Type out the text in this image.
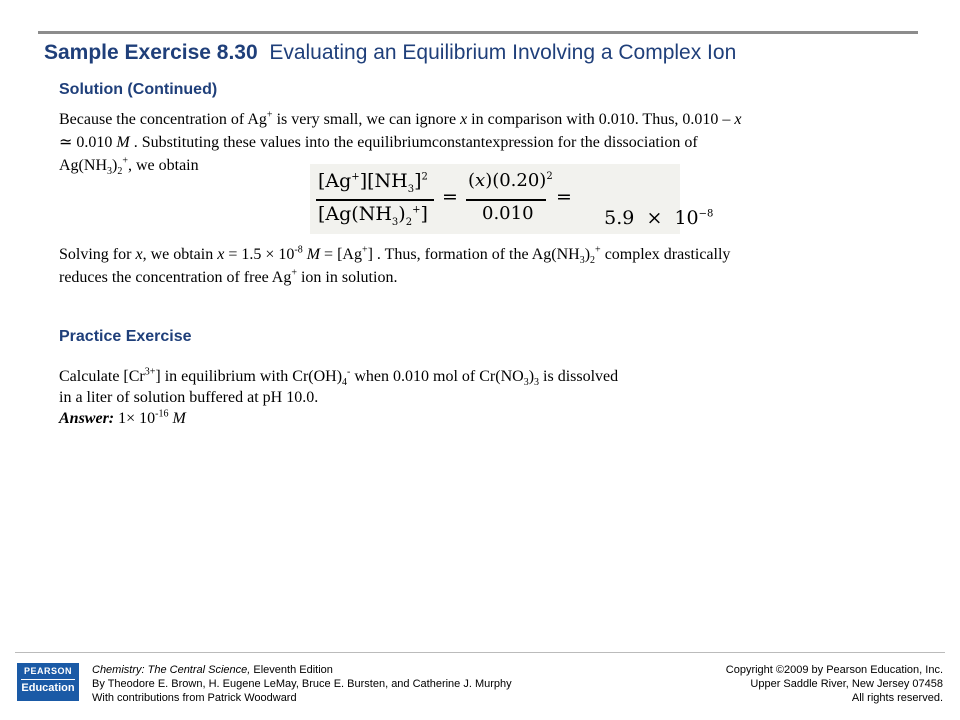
Sample Exercise 8.30 Evaluating an Equilibrium Involving a Complex Ion
Solution (Continued)
Because the concentration of Ag+ is very small, we can ignore x in comparison with 0.010. Thus, 0.010 – x
≃ 0.010 M . Substituting these values into the equilibriumconstantexpression for the dissociation of
$Ag(NH_3)_2^+$, we obtain
$[Ag^+][NH_3]^2$
$[Ag(NH_3)_2^+]$
=
$(x)(0.20)^2$
0.010
=

$5.9 \times 10^{-8}$

Solving for x, we obtain $x = 1.5 \times 10^{-8}$ M = [Ag+] . Thus, formation of the $Ag(NH_3)_2^+$ complex drastically
reduces the concentration of free Ag+ ion in solution.
Practice Exercise
Calculate $[Cr^{3+}]$ in equilibrium with $Cr(OH)_4^-$ when 0.010 mol of $Cr(NO_3)_3$ is dissolved
in a liter of solution buffered at pH 10.0.
Answer: $1\times 10^{-16}$ M
PEARSON
Education
Chemistry: The Central Science, Eleventh Edition
By Theodore E. Brown, H. Eugene LeMay, Bruce E. Bursten, and Catherine J. Murphy
With contributions from Patrick Woodward
Copyright ©2009 by Pearson Education, Inc.
Upper Saddle River, New Jersey 07458
All rights reserved.
